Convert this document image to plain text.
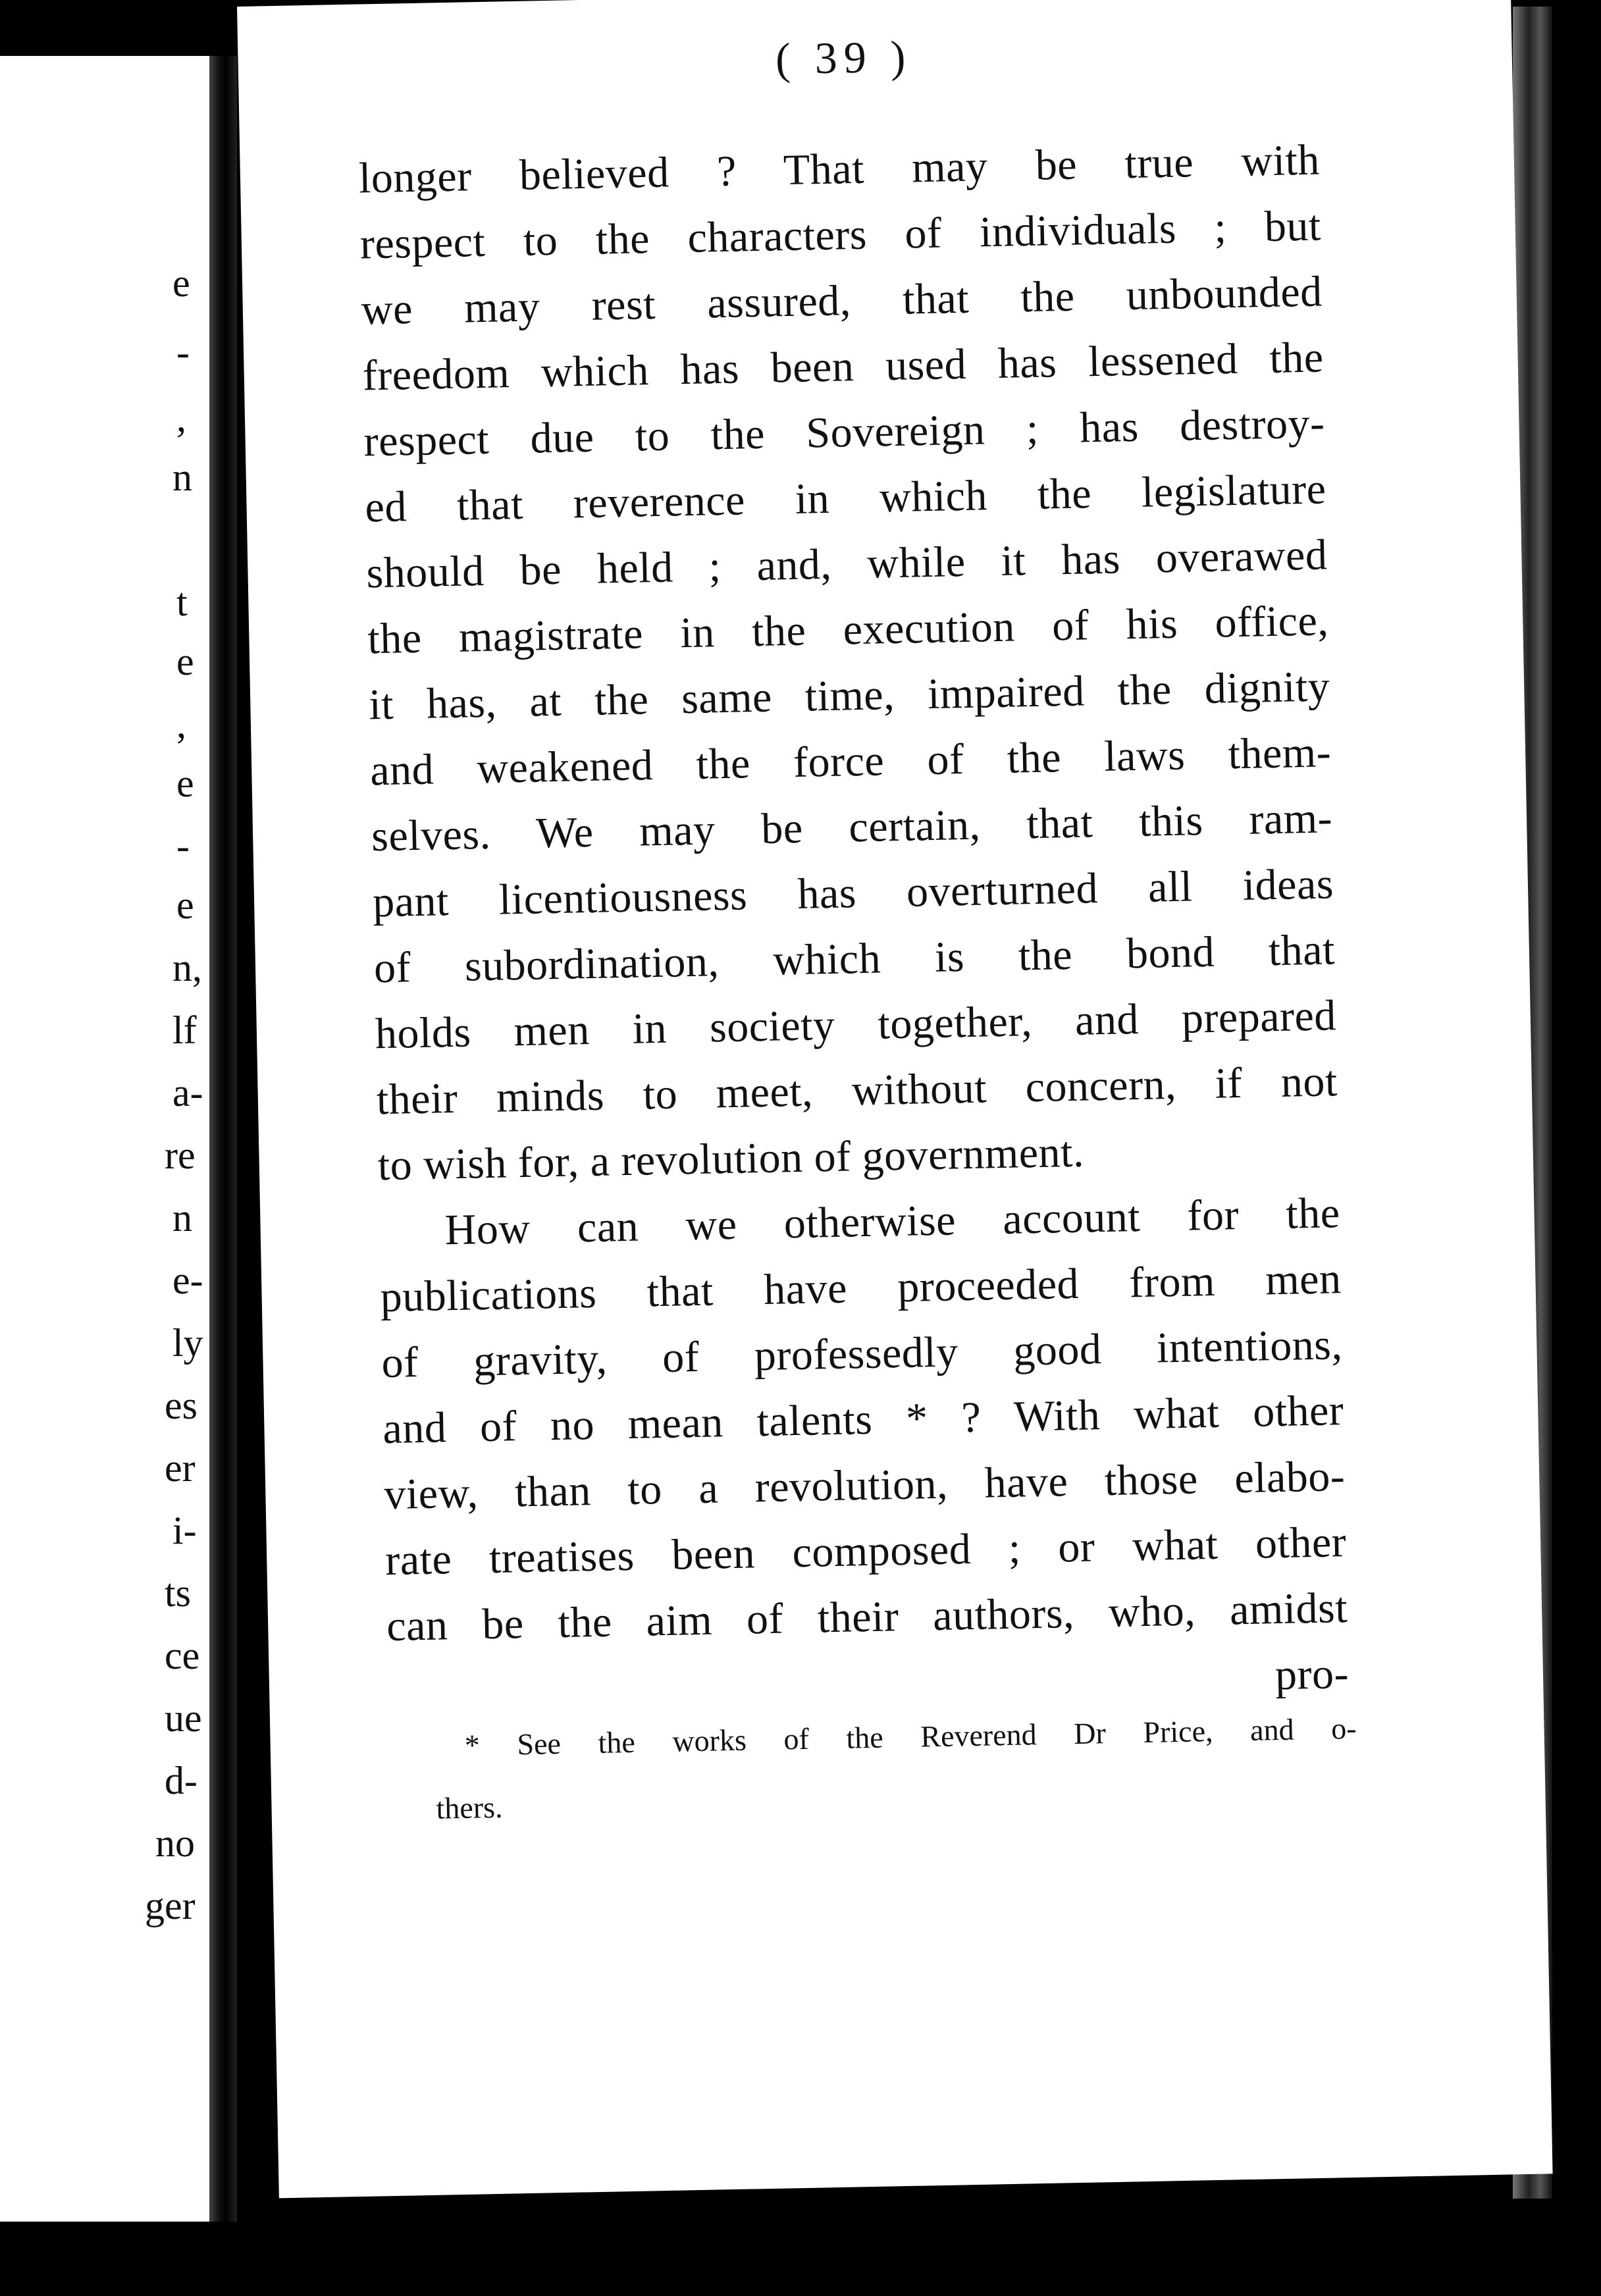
e
-
,
n
t
e
,
e
-
e
n,
lf
a-
re
n
e-
ly
es
er
i-
ts
ce
ue
d-
no
ger
( 39 )
longer believed ? That may be true with
respect to the characters of individuals ; but
we may rest assured, that the unbounded
freedom which has been used has lessened the
respect due to the Sovereign ; has destroy-
ed that reverence in which the legislature
should be held ; and, while it has overawed
the magistrate in the execution of his office,
it has, at the same time, impaired the dignity
and weakened the force of the laws them-
selves. We may be certain, that this ram-
pant licentiousness has overturned all ideas
of subordination, which is the bond that
holds men in society together, and prepared
their minds to meet, without concern, if not
to wish for, a revolution of government.
How can we otherwise account for the
publications that have proceeded from men
of gravity, of professedly good intentions,
and of no mean talents * ? With what other
view, than to a revolution, have those elabo-
rate treatises been composed ; or what other
can be the aim of their authors, who, amidst
pro-
* See the works of the Reverend Dr Price, and o-
thers.
